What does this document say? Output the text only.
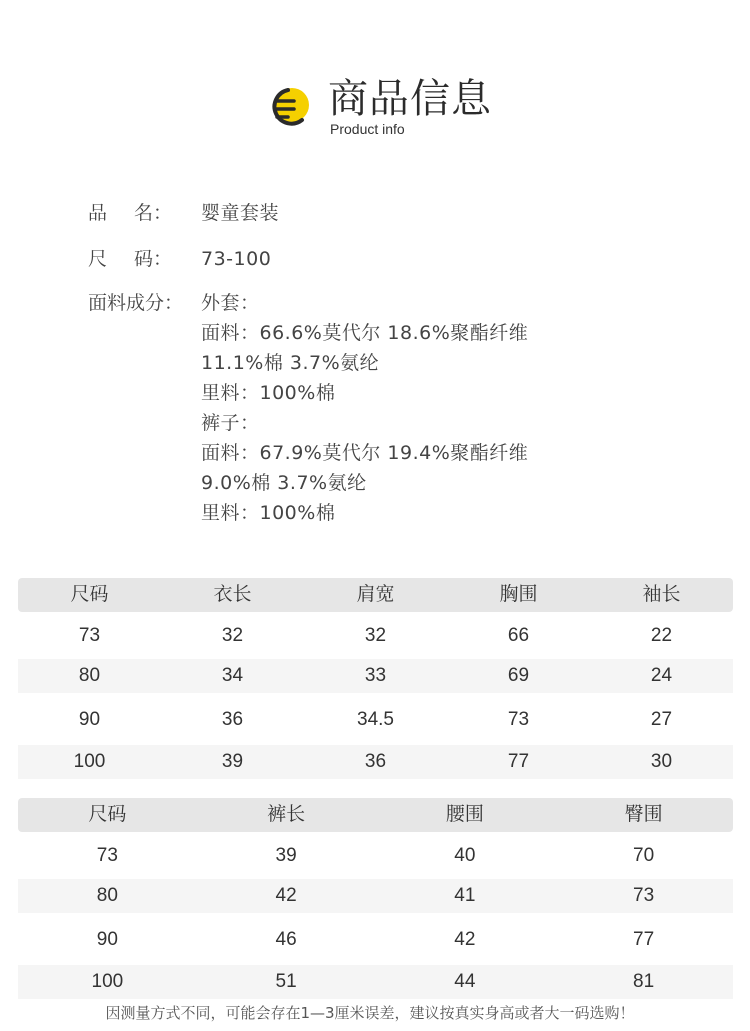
商品信息
Product info
品 名： 婴童套装
尺 码： 73-100
面料成分： 外套：
面料：66.6%莫代尔 18.6%聚酯纤维
11.1%棉 3.7%氨纶
里料：100%棉
裤子：
面料：67.9%莫代尔 19.4%聚酯纤维
9.0%棉 3.7%氨纶
里料：100%棉
尺码	衣长	肩宽	胸围	袖长
73	32	32	66	22
80	34	33	69	24
90	36	34.5	73	27
100	39	36	77	30
尺码	裤长	腰围	臀围
73	39	40	70
80	42	41	73
90	46	42	77
100	51	44	81
因测量方式不同，可能会存在1—3厘米误差，建议按真实身高或者大一码选购！
